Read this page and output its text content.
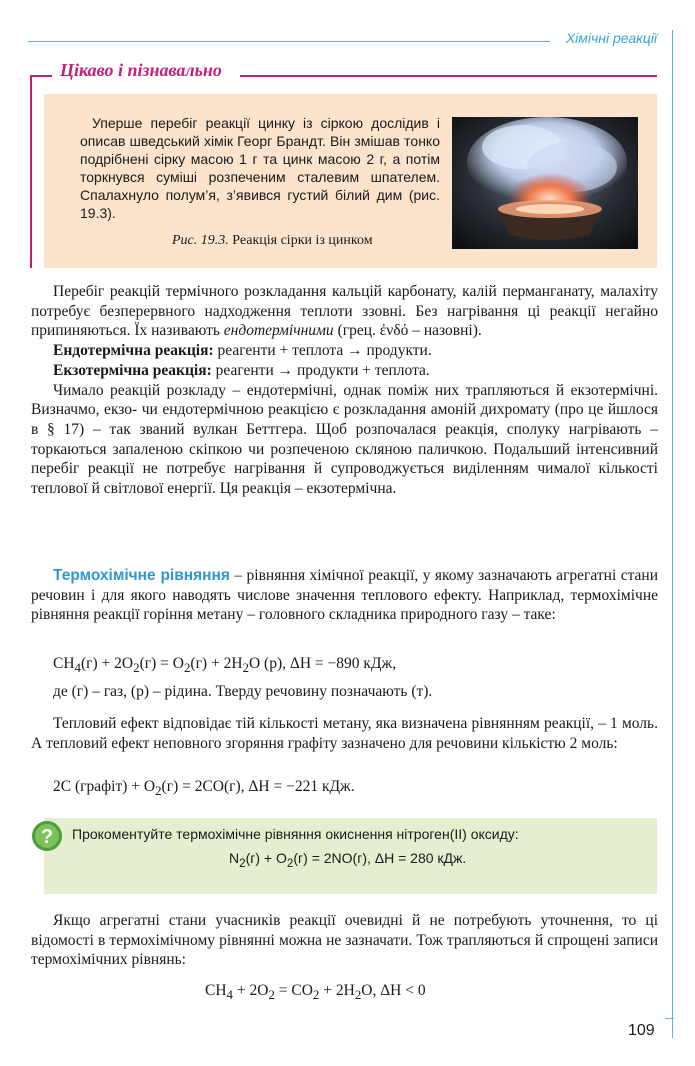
Хімічні реакції
Цікаво і пізнавально
Уперше перебіг реакції цинку із сіркою дослідив і описав шведський хімік Георг Брандт. Він змішав тонко подрібнені сірку масою 1 г та цинк масою 2 г, а потім торкнувся суміші розпеченим сталевим шпателем. Спалахнуло полум’я, з’явився густий білий дим (рис. 19.3).
Рис. 19.3. Реакція сірки із цинком

Перебіг реакцій термічного розкладання кальцій карбонату, калій перманганату, малахіту потребує безперервного надходження теплоти ззовні. Без нагрівання ці реакції негайно припиняються. Їх називають ендотермічними (грец. ἐνδό – назовні).

Ендотермічна реакція: реагенти + теплота → продукти.

Екзотермічна реакція: реагенти → продукти + теплота.

Чимало реакцій розкладу – ендотермічні, однак поміж них трапляються й екзотермічні. Визначмо, екзо- чи ендотермічною реакцією є розкладання амоній дихромату (про це йшлося в § 17) – так званий вулкан Беттгера. Щоб розпочалася реакція, сполуку нагрівають – торкаються запаленою скіпкою чи розпеченою скляною паличкою. Подальший інтенсивний перебіг реакції не потребує нагрівання й супроводжується виділенням чималої кількості теплової й світлової енергії. Ця реакція – екзотермічна.

Термохімічне рівняння – рівняння хімічної реакції, у якому зазначають агрегатні стани речовин і для якого наводять числове значення теплового ефекту. Наприклад, термохімічне рівняння реакції горіння метану – головного складника природного газу – таке:

$CH_4(г) + 2O_2(г) = O_2(г) + 2H_2O$ (р), ΔH = −890 кДж,
де (г) – газ, (р) – рідина. Тверду речовину позначають (т).

Тепловий ефект відповідає тій кількості метану, яка визначена рівнянням реакції, – 1 моль. А тепловий ефект неповного згоряння графіту зазначено для речовини кількістю 2 моль:

2C (графіт) + $O_2(г) = 2CO(г)$, ΔH = −221 кДж.
? Прокоментуйте термохімічне рівняння окиснення нітроген(ІІ) оксиду:
$N_2(г) + O_2(г) = 2NO(г)$, ΔH = 280 кДж.

Якщо агрегатні стани учасників реакції очевидні й не потребують уточнення, то ці відомості в термохімічному рівнянні можна не зазначати. Тож трапляються й спрощені записи термохімічних рівнянь:

$CH_4 + 2O_2 = CO_2 + 2H_2O$, ΔH < 0
109
